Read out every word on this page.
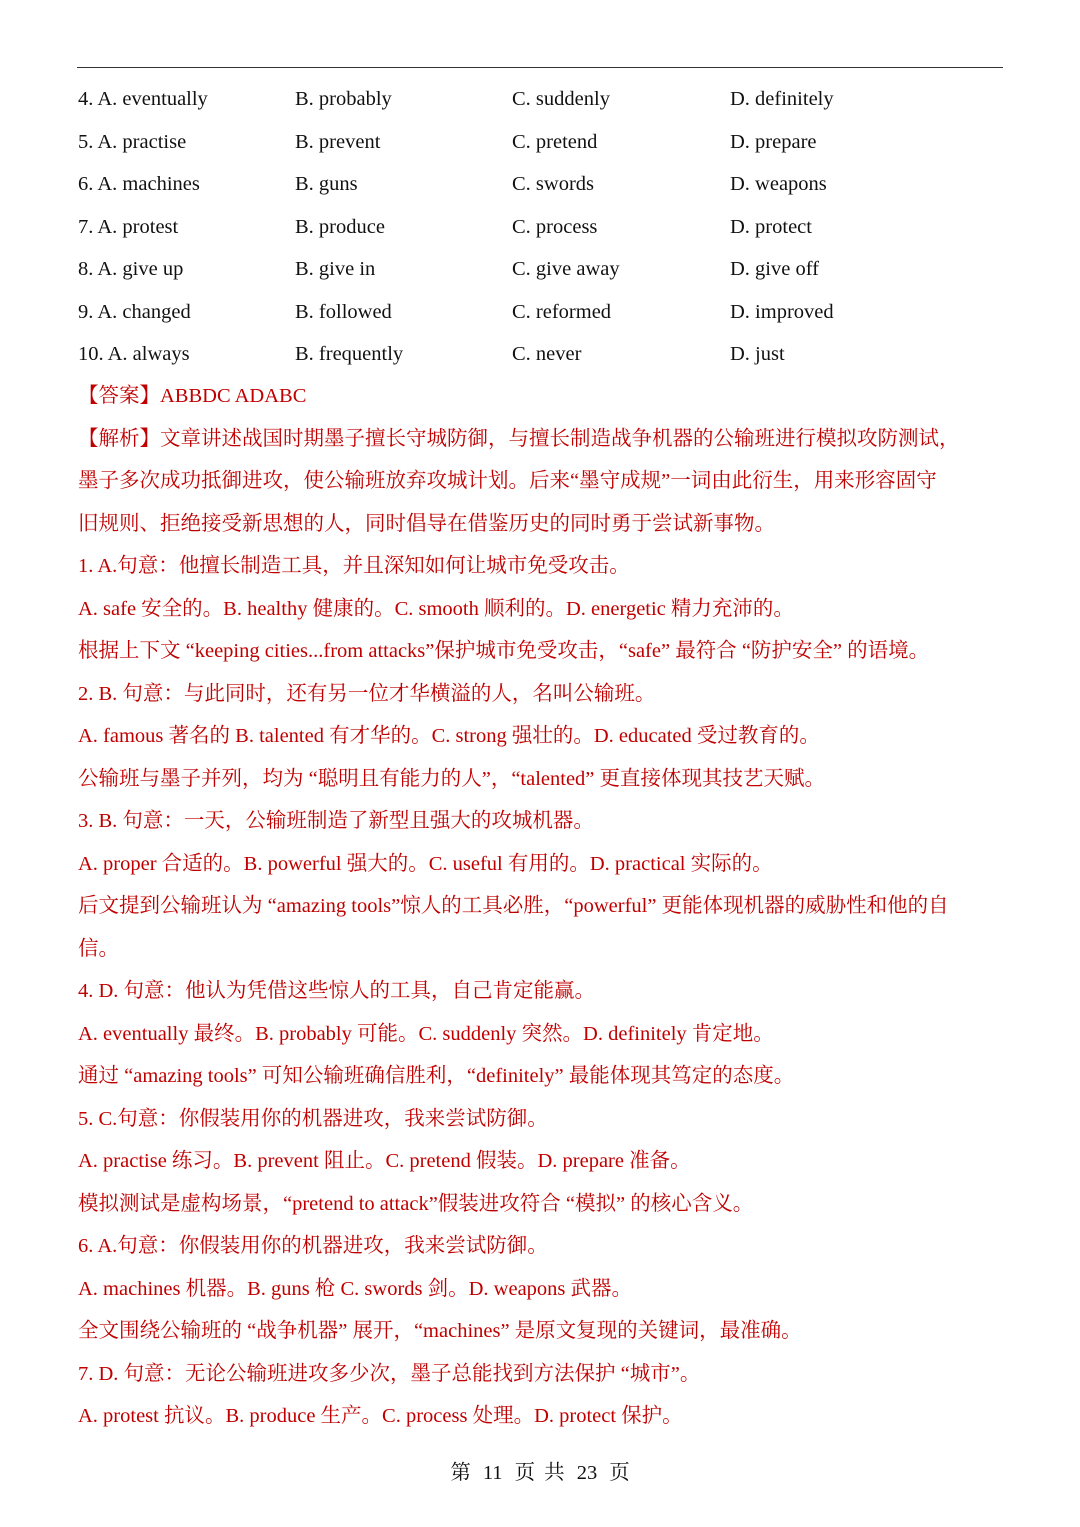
4. A. eventually	B. probably	C. suddenly	D. definitely
5. A. practise	B. prevent	C. pretend	D. prepare
6. A. machines	B. guns	C. swords	D. weapons
7. A. protest	B. produce	C. process	D. protect
8. A. give up	B. give in	C. give away	D. give off
9. A. changed	B. followed	C. reformed	D. improved
10. A. always	B. frequently	C. never	D. just
【答案】ABBDC ADABC
【解析】文章讲述战国时期墨子擅长守城防御，与擅长制造战争机器的公输班进行模拟攻防测试，
墨子多次成功抵御进攻，使公输班放弃攻城计划。后来“墨守成规”一词由此衍生，用来形容固守
旧规则、拒绝接受新思想的人，同时倡导在借鉴历史的同时勇于尝试新事物。
1. A.句意：他擅长制造工具，并且深知如何让城市免受攻击。
A. safe 安全的。B. healthy 健康的。C. smooth 顺利的。D. energetic 精力充沛的。
根据上下文 “keeping cities...from attacks”保护城市免受攻击，“safe” 最符合 “防护安全” 的语境。
2. B. 句意：与此同时，还有另一位才华横溢的人，名叫公输班。
A. famous 著名的 B. talented 有才华的。C. strong 强壮的。D. educated 受过教育的。
公输班与墨子并列，均为 “聪明且有能力的人”，“talented” 更直接体现其技艺天赋。
3. B. 句意：一天，公输班制造了新型且强大的攻城机器。
A. proper 合适的。B. powerful 强大的。C. useful 有用的。D. practical 实际的。
后文提到公输班认为 “amazing tools”惊人的工具必胜，“powerful” 更能体现机器的威胁性和他的自
信。
4. D. 句意：他认为凭借这些惊人的工具，自己肯定能赢。
A. eventually 最终。B. probably 可能。C. suddenly 突然。D. definitely 肯定地。
通过 “amazing tools” 可知公输班确信胜利，“definitely” 最能体现其笃定的态度。
5. C.句意：你假装用你的机器进攻，我来尝试防御。
A. practise 练习。B. prevent 阻止。C. pretend 假装。D. prepare 准备。
模拟测试是虚构场景，“pretend to attack”假装进攻符合 “模拟” 的核心含义。
6. A.句意：你假装用你的机器进攻，我来尝试防御。
A. machines 机器。B. guns 枪 C. swords 剑。D. weapons 武器。
全文围绕公输班的 “战争机器” 展开，“machines” 是原文复现的关键词，最准确。
7. D. 句意：无论公输班进攻多少次，墨子总能找到方法保护 “城市”。
A. protest 抗议。B. produce 生产。C. process 处理。D. protect 保护。
第 11 页 共 23 页
